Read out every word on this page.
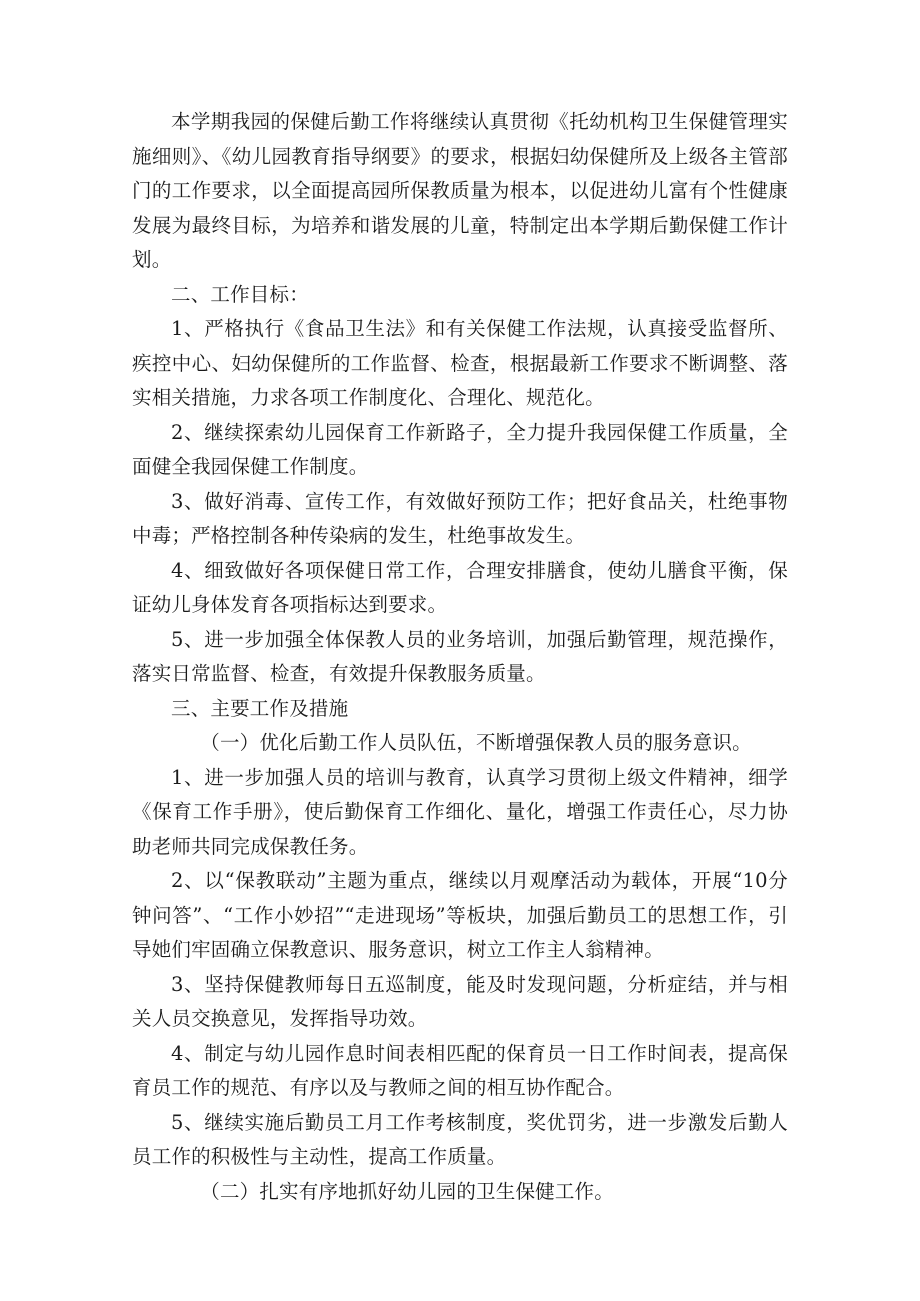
本学期我园的保健后勤工作将继续认真贯彻《托幼机构卫生保健管理实施细则》、《幼儿园教育指导纲要》的要求，根据妇幼保健所及上级各主管部门的工作要求，以全面提高园所保教质量为根本，以促进幼儿富有个性健康发展为最终目标，为培养和谐发展的儿童，特制定出本学期后勤保健工作计划。

二、工作目标：

1、严格执行《食品卫生法》和有关保健工作法规，认真接受监督所、疾控中心、妇幼保健所的工作监督、检查，根据最新工作要求不断调整、落实相关措施，力求各项工作制度化、合理化、规范化。

2、继续探索幼儿园保育工作新路子，全力提升我园保健工作质量，全面健全我园保健工作制度。

3、做好消毒、宣传工作，有效做好预防工作；把好食品关，杜绝事物中毒；严格控制各种传染病的发生，杜绝事故发生。

4、细致做好各项保健日常工作，合理安排膳食，使幼儿膳食平衡，保证幼儿身体发育各项指标达到要求。

5、进一步加强全体保教人员的业务培训，加强后勤管理，规范操作，落实日常监督、检查，有效提升保教服务质量。

三、主要工作及措施

（一）优化后勤工作人员队伍，不断增强保教人员的服务意识。

1、进一步加强人员的培训与教育，认真学习贯彻上级文件精神，细学《保育工作手册》，使后勤保育工作细化、量化，增强工作责任心，尽力协助老师共同完成保教任务。

2、以“保教联动”主题为重点，继续以月观摩活动为载体，开展“10分钟问答”、“工作小妙招”“走进现场”等板块，加强后勤员工的思想工作，引导她们牢固确立保教意识、服务意识，树立工作主人翁精神。

3、坚持保健教师每日五巡制度，能及时发现问题，分析症结，并与相关人员交换意见，发挥指导功效。

4、制定与幼儿园作息时间表相匹配的保育员一日工作时间表，提高保育员工作的规范、有序以及与教师之间的相互协作配合。

5、继续实施后勤员工月工作考核制度，奖优罚劣，进一步激发后勤人员工作的积极性与主动性，提高工作质量。

（二）扎实有序地抓好幼儿园的卫生保健工作。
